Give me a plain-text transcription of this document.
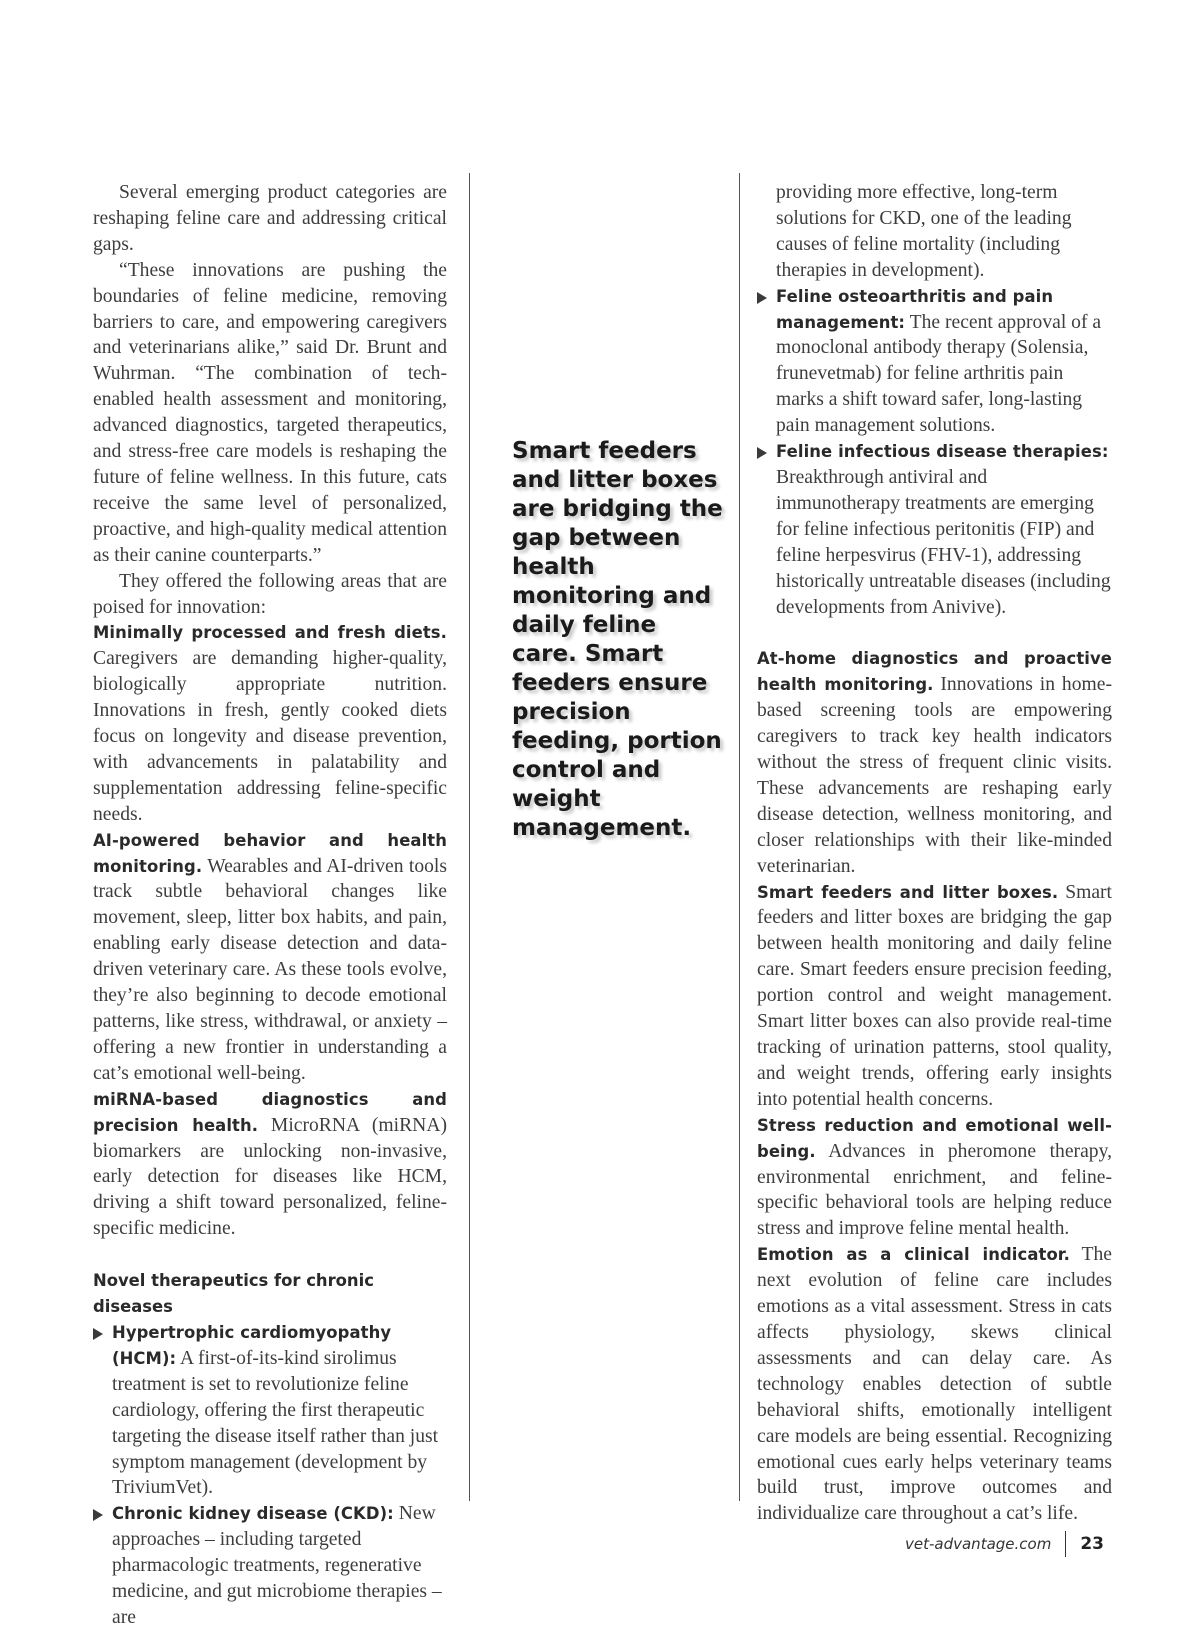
Several emerging product categories are reshaping feline care and addressing critical gaps.

“These innovations are pushing the boundaries of feline medicine, removing barriers to care, and empowering caregivers and veterinarians alike,” said Dr. Brunt and Wuhrman. “The combination of tech-enabled health assessment and monitoring, advanced diagnostics, targeted therapeutics, and stress-free care models is reshaping the future of feline wellness. In this future, cats receive the same level of personalized, proactive, and high-quality medical attention as their canine counterparts.”

They offered the following areas that are poised for innovation:

Minimally processed and fresh diets. Caregivers are demanding higher-quality, biologically appropriate nutrition. Innovations in fresh, gently cooked diets focus on longevity and disease prevention, with advancements in palatability and supplementation addressing feline-specific needs.

AI-powered behavior and health monitoring. Wearables and AI-driven tools track subtle behavioral changes like movement, sleep, litter box habits, and pain, enabling early disease detection and data-driven veterinary care. As these tools evolve, they’re also beginning to decode emotional patterns, like stress, withdrawal, or anxiety – offering a new frontier in understanding a cat’s emotional well-being.

miRNA-based diagnostics and precision health. MicroRNA (miRNA) biomarkers are unlocking non-invasive, early detection for diseases like HCM, driving a shift toward personalized, feline-specific medicine.

Novel therapeutics for chronic diseases

Hypertrophic cardiomyopathy (HCM): A first-of-its-kind sirolimus treatment is set to revolutionize feline cardiology, offering the first therapeutic targeting the disease itself rather than just symptom management (development by TriviumVet).
Chronic kidney disease (CKD): New approaches – including targeted pharmacologic treatments, regenerative medicine, and gut microbiome therapies – are
Smart feeders and litter boxes are bridging the gap between health monitoring and daily feline care. Smart feeders ensure precision feeding, portion control and weight management.

providing more effective, long-term solutions for CKD, one of the leading causes of feline mortality (including therapies in development).

Feline osteoarthritis and pain management: The recent approval of a monoclonal antibody therapy (Solensia, frunevetmab) for feline arthritis pain marks a shift toward safer, long-lasting pain management solutions.
Feline infectious disease therapies: Breakthrough antiviral and immunotherapy treatments are emerging for feline infectious peritonitis (FIP) and feline herpesvirus (FHV-1), addressing historically untreatable diseases (including developments from Anivive).

At-home diagnostics and proactive health monitoring. Innovations in home-based screening tools are empowering caregivers to track key health indicators without the stress of frequent clinic visits. These advancements are reshaping early disease detection, wellness monitoring, and closer relationships with their like-minded veterinarian.

Smart feeders and litter boxes. Smart feeders and litter boxes are bridging the gap between health monitoring and daily feline care. Smart feeders ensure precision feeding, portion control and weight management. Smart litter boxes can also provide real-time tracking of urination patterns, stool quality, and weight trends, offering early insights into potential health concerns.

Stress reduction and emotional well-being. Advances in pheromone therapy, environmental enrichment, and feline-specific behavioral tools are helping reduce stress and improve feline mental health.

Emotion as a clinical indicator. The next evolution of feline care includes emotions as a vital assessment. Stress in cats affects physiology, skews clinical assessments and can delay care. As technology enables detection of subtle behavioral shifts, emotionally intelligent care models are being essential. Recognizing emotional cues early helps veterinary teams build trust, improve outcomes and individualize care throughout a cat’s life.

vet-advantage.com 23
